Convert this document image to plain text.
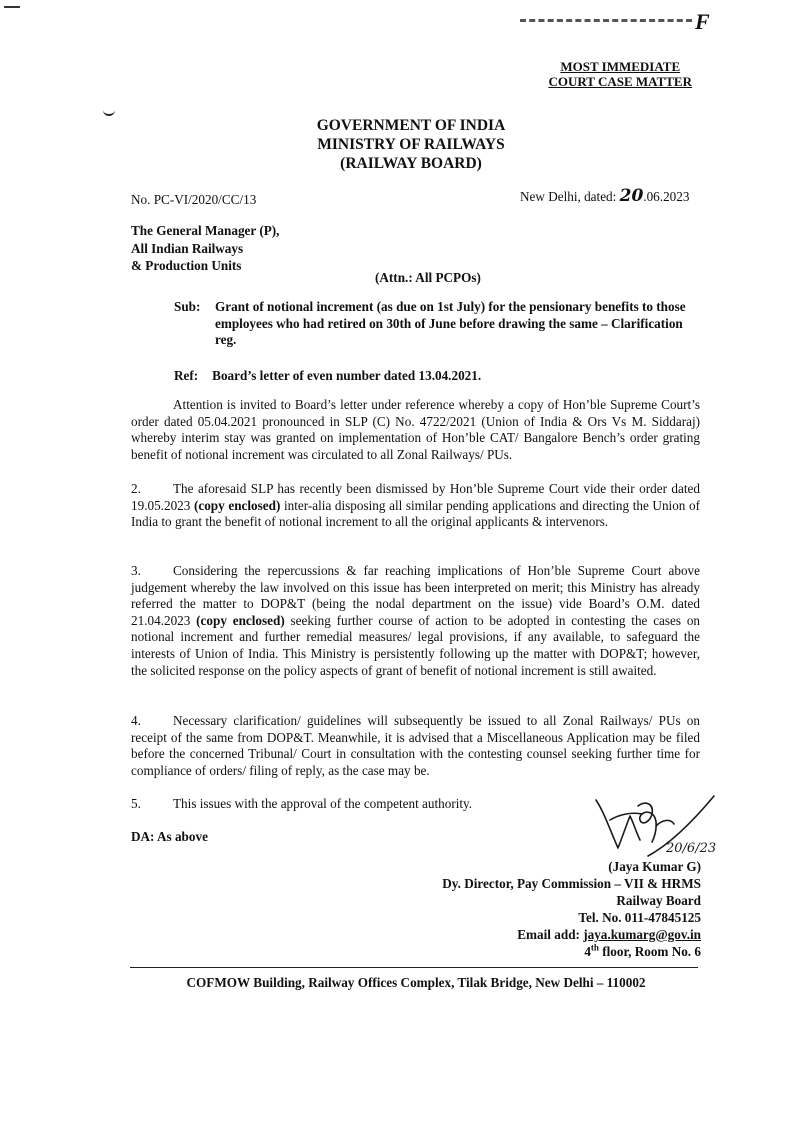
F
MOST IMMEDIATE
COURT CASE MATTER
GOVERNMENT OF INDIA
MINISTRY OF RAILWAYS
(RAILWAY BOARD)
No. PC-VI/2020/CC/13	New Delhi, dated: 20.06.2023
The General Manager (P),
All Indian Railways
& Production Units
(Attn.: All PCPOs)
Sub: Grant of notional increment (as due on 1st July) for the pensionary benefits to those employees who had retired on 30th of June before drawing the same – Clarification reg.
Ref: Board’s letter of even number dated 13.04.2021.
Attention is invited to Board’s letter under reference whereby a copy of Hon’ble Supreme Court’s order dated 05.04.2021 pronounced in SLP (C) No. 4722/2021 (Union of India & Ors Vs M. Siddaraj) whereby interim stay was granted on implementation of Hon’ble CAT/ Bangalore Bench’s order grating benefit of notional increment was circulated to all Zonal Railways/ PUs.
2. The aforesaid SLP has recently been dismissed by Hon’ble Supreme Court vide their order dated 19.05.2023 (copy enclosed) inter-alia disposing all similar pending applications and directing the Union of India to grant the benefit of notional increment to all the original applicants & intervenors.
3. Considering the repercussions & far reaching implications of Hon’ble Supreme Court above judgement whereby the law involved on this issue has been interpreted on merit; this Ministry has already referred the matter to DOP&T (being the nodal department on the issue) vide Board’s O.M. dated 21.04.2023 (copy enclosed) seeking further course of action to be adopted in contesting the cases on notional increment and further remedial measures/ legal provisions, if any available, to safeguard the interests of Union of India. This Ministry is persistently following up the matter with DOP&T; however, the solicited response on the policy aspects of grant of benefit of notional increment is still awaited.
4. Necessary clarification/ guidelines will subsequently be issued to all Zonal Railways/ PUs on receipt of the same from DOP&T. Meanwhile, it is advised that a Miscellaneous Application may be filed before the concerned Tribunal/ Court in consultation with the contesting counsel seeking further time for compliance of orders/ filing of reply, as the case may be.
5. This issues with the approval of the competent authority.
DA: As above
20/6/23
(Jaya Kumar G)
Dy. Director, Pay Commission – VII & HRMS
Railway Board
Tel. No. 011-47845125
Email add: jaya.kumarg@gov.in
4th floor, Room No. 6
COFMOW Building, Railway Offices Complex, Tilak Bridge, New Delhi – 110002
